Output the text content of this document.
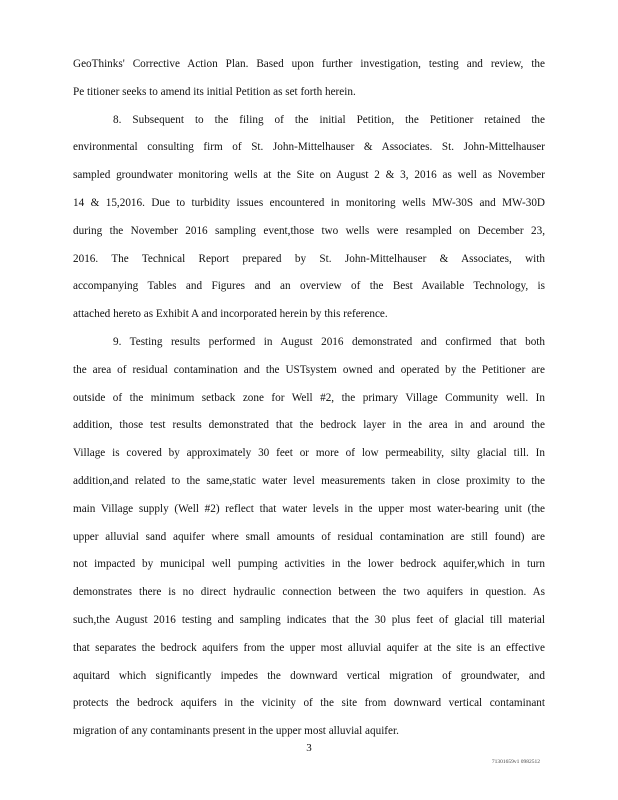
GeoThinks' Corrective Action Plan. Based upon further investigation, testing and review, the
Pe titioner seeks to amend its initial Petition as set forth herein.
8. Subsequent to the filing of the initial Petition, the Petitioner retained the
environmental consulting firm of St. John-Mittelhauser & Associates. St. John-Mittelhauser
sampled groundwater monitoring wells at the Site on August 2 & 3, 2016 as well as November
14 & 15,2016. Due to turbidity issues encountered in monitoring wells MW-30S and MW-30D
during the November 2016 sampling event,those two wells were resampled on December 23,
2016. The Technical Report prepared by St. John-Mittelhauser & Associates, with
accompanying Tables and Figures and an overview of the Best Available Technology, is
attached hereto as Exhibit A and incorporated herein by this reference.
9. Testing results performed in August 2016 demonstrated and confirmed that both
the area of residual contamination and the USTsystem owned and operated by the Petitioner are
outside of the minimum setback zone for Well #2, the primary Village Community well. In
addition, those test results demonstrated that the bedrock layer in the area in and around the
Village is covered by approximately 30 feet or more of low permeability, silty glacial till. In
addition,and related to the same,static water level measurements taken in close proximity to the
main Village supply (Well #2) reflect that water levels in the upper most water-bearing unit (the
upper alluvial sand aquifer where small amounts of residual contamination are still found) are
not impacted by municipal well pumping activities in the lower bedrock aquifer,which in turn
demonstrates there is no direct hydraulic connection between the two aquifers in question. As
such,the August 2016 testing and sampling indicates that the 30 plus feet of glacial till material
that separates the bedrock aquifers from the upper most alluvial aquifer at the site is an effective
aquitard which significantly impedes the downward vertical migration of groundwater, and
protects the bedrock aquifers in the vicinity of the site from downward vertical contaminant
migration of any contaminants present in the upper most alluvial aquifer.
3
71301659v1 0982512
